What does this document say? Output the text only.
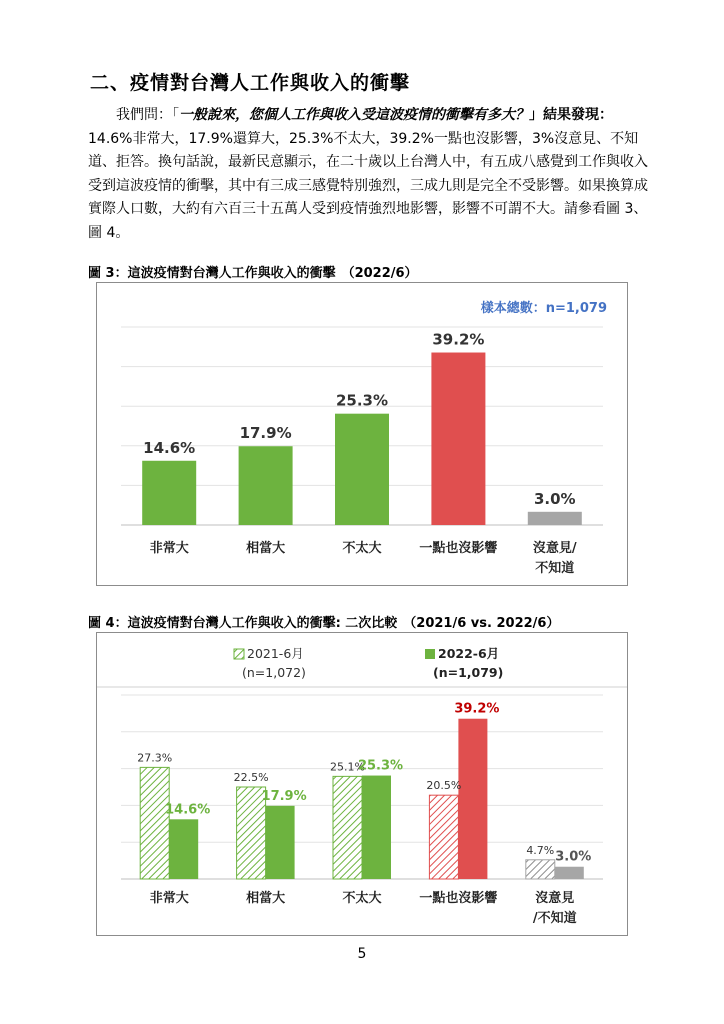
二、疫情對台灣人工作與收入的衝擊
我們問：「一般說來，您個人工作與收入受這波疫情的衝擊有多大？」結果發現：14.6%非常大，17.9%還算大，25.3%不太大，39.2%一點也沒影響，3%沒意見、不知道、拒答。換句話說，最新民意顯示，在二十歲以上台灣人中，有五成八感覺到工作與收入受到這波疫情的衝擊，其中有三成三感覺特別強烈，三成九則是完全不受影響。如果換算成實際人口數，大約有六百三十五萬人受到疫情強烈地影響，影響不可謂不大。請參看圖 3、圖 4。
圖 3：這波疫情對台灣人工作與收入的衝擊 （2022/6）
樣本總數：n=1,079
14.6%
非常大
17.9%
相當大
25.3%
不太大
39.2%
一點也沒影響
3.0%
沒意見/不知道
圖 4：這波疫情對台灣人工作與收入的衝擊: 二次比較 （2021/6 vs. 2022/6）
2021-6月
(n=1,072)
2022-6月
(n=1,079)
27.3%
14.6%
非常大
22.5%
17.9%
相當大
25.1%
25.3%
不太大
20.5%
39.2%
一點也沒影響
4.7% 3.0%
沒意見/不知道
5
